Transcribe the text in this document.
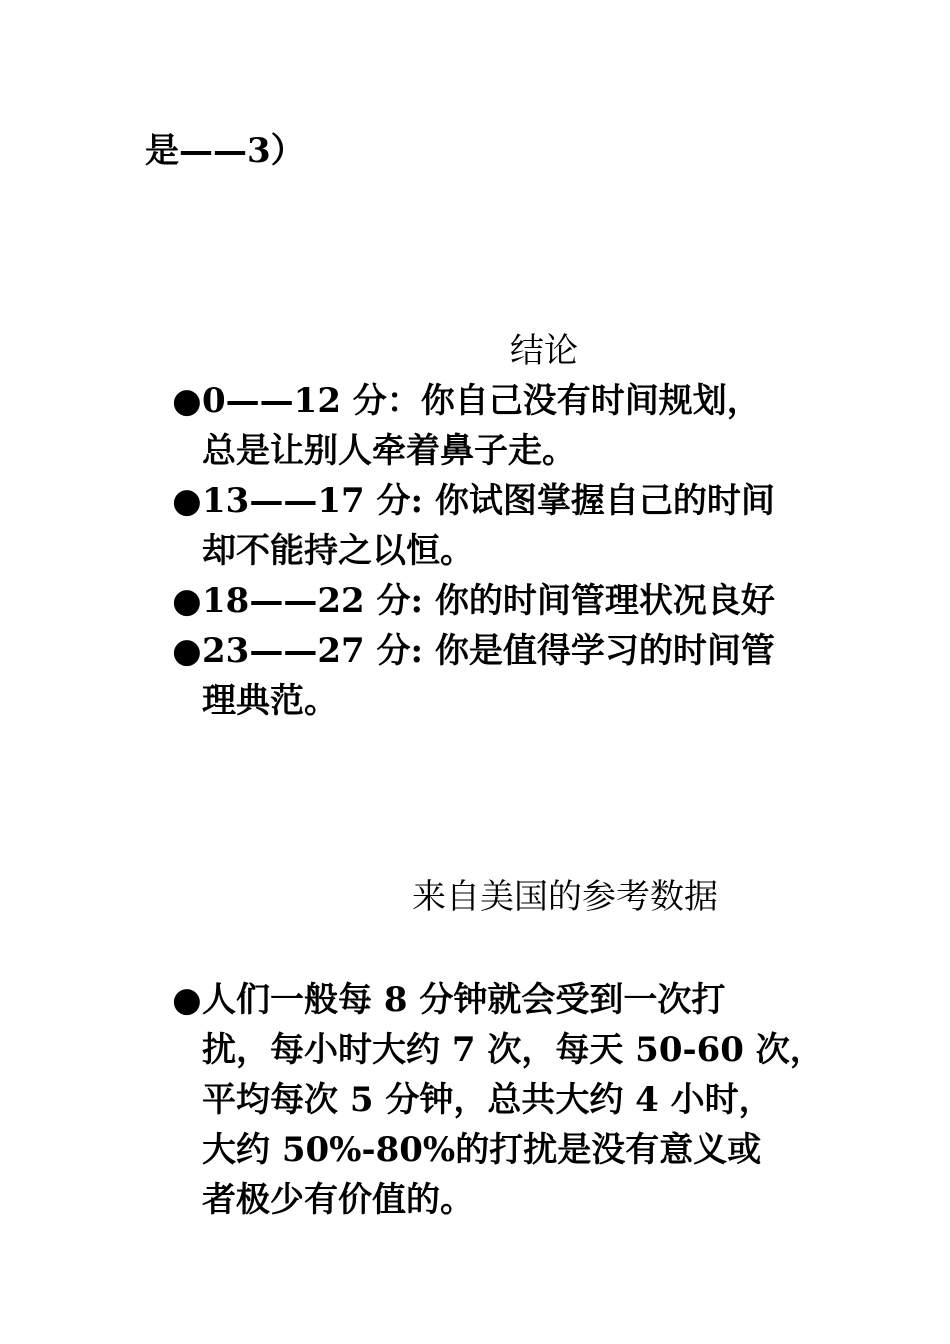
是——3）
结论
● 0——12 分：你自己没有时间规划，
总是让别人牵着鼻子走。
● 13——17 分: 你试图掌握自己的时间
却不能持之以恒。
● 18——22 分: 你的时间管理状况良好
● 23——27 分: 你是值得学习的时间管
理典范。
来自美国的参考数据
● 人们一般每 8 分钟就会受到一次打
扰，每小时大约 7 次，每天 50-60 次，
平均每次 5 分钟，总共大约 4 小时，
大约 50%-80%的打扰是没有意义或
者极少有价值的。
